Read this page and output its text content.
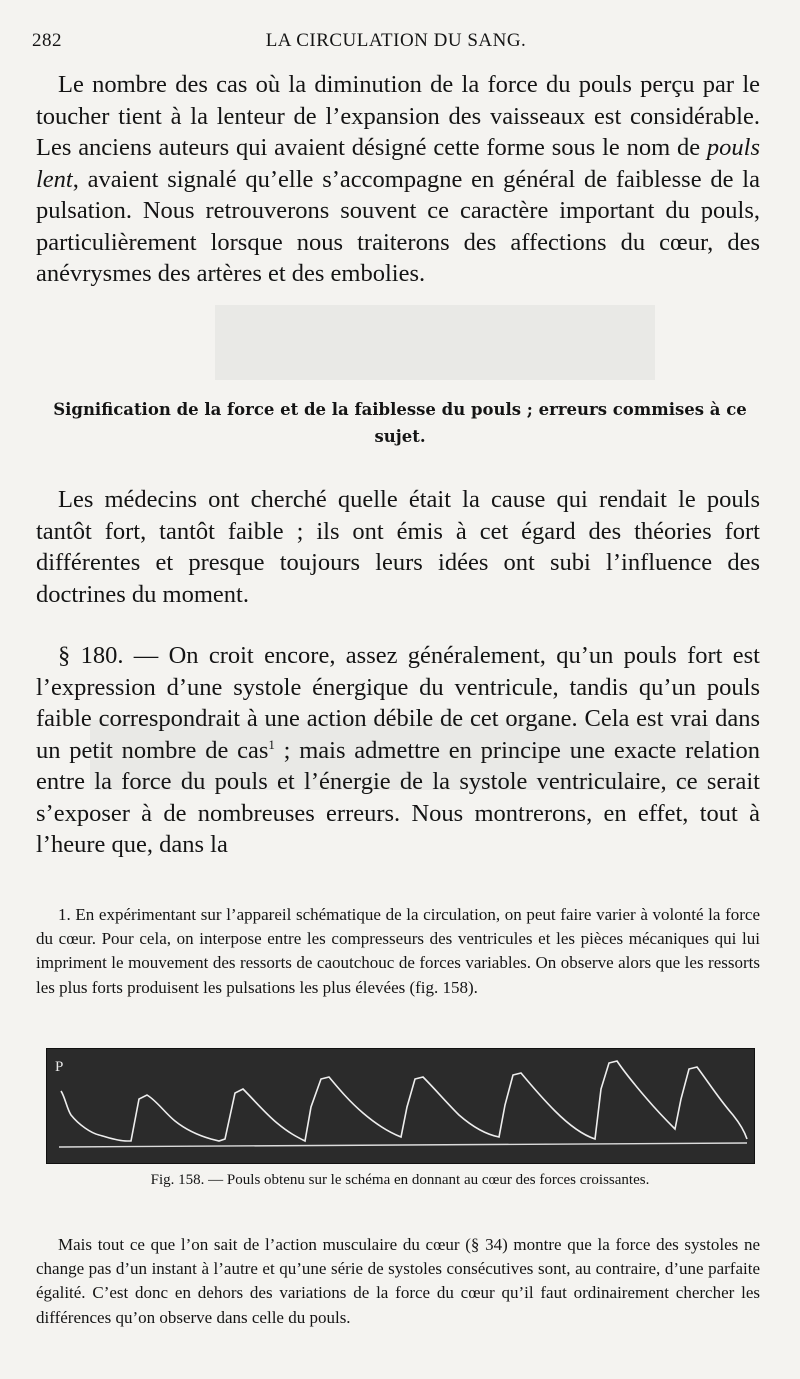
282	LA CIRCULATION DU SANG.

Le nombre des cas où la diminution de la force du pouls perçu par le toucher tient à la lenteur de l’expansion des vaisseaux est considérable. Les anciens auteurs qui avaient désigné cette forme sous le nom de pouls lent, avaient signalé qu’elle s’accompagne en général de faiblesse de la pulsation. Nous retrouverons souvent ce caractère important du pouls, particulièrement lorsque nous traiterons des affections du cœur, des anévrysmes des artères et des embolies.

Signification de la force et de la faiblesse du pouls ; erreurs commises à ce sujet.

Les médecins ont cherché quelle était la cause qui rendait le pouls tantôt fort, tantôt faible ; ils ont émis à cet égard des théories fort différentes et presque toujours leurs idées ont subi l’influence des doctrines du moment.

§ 180. — On croit encore, assez généralement, qu’un pouls fort est l’expression d’une systole énergique du ventricule, tandis qu’un pouls faible correspondrait à une action débile de cet organe. Cela est vrai dans un petit nombre de cas$^1$ ; mais admettre en principe une exacte relation entre la force du pouls et l’énergie de la systole ventriculaire, ce serait s’exposer à de nombreuses erreurs. Nous montrerons, en effet, tout à l’heure que, dans la

1. En expérimentant sur l’appareil schématique de la circulation, on peut faire varier à volonté la force du cœur. Pour cela, on interpose entre les compresseurs des ventricules et les pièces mécaniques qui lui impriment le mouvement des ressorts de caoutchouc de forces variables. On observe alors que les ressorts les plus forts produisent les pulsations les plus élevées (fig. 158).

P
Fig. 158. — Pouls obtenu sur le schéma en donnant au cœur des forces croissantes.

Mais tout ce que l’on sait de l’action musculaire du cœur (§ 34) montre que la force des systoles ne change pas d’un instant à l’autre et qu’une série de systoles consécutives sont, au contraire, d’une parfaite égalité. C’est donc en dehors des variations de la force du cœur qu’il faut ordinairement chercher les différences qu’on observe dans celle du pouls.
